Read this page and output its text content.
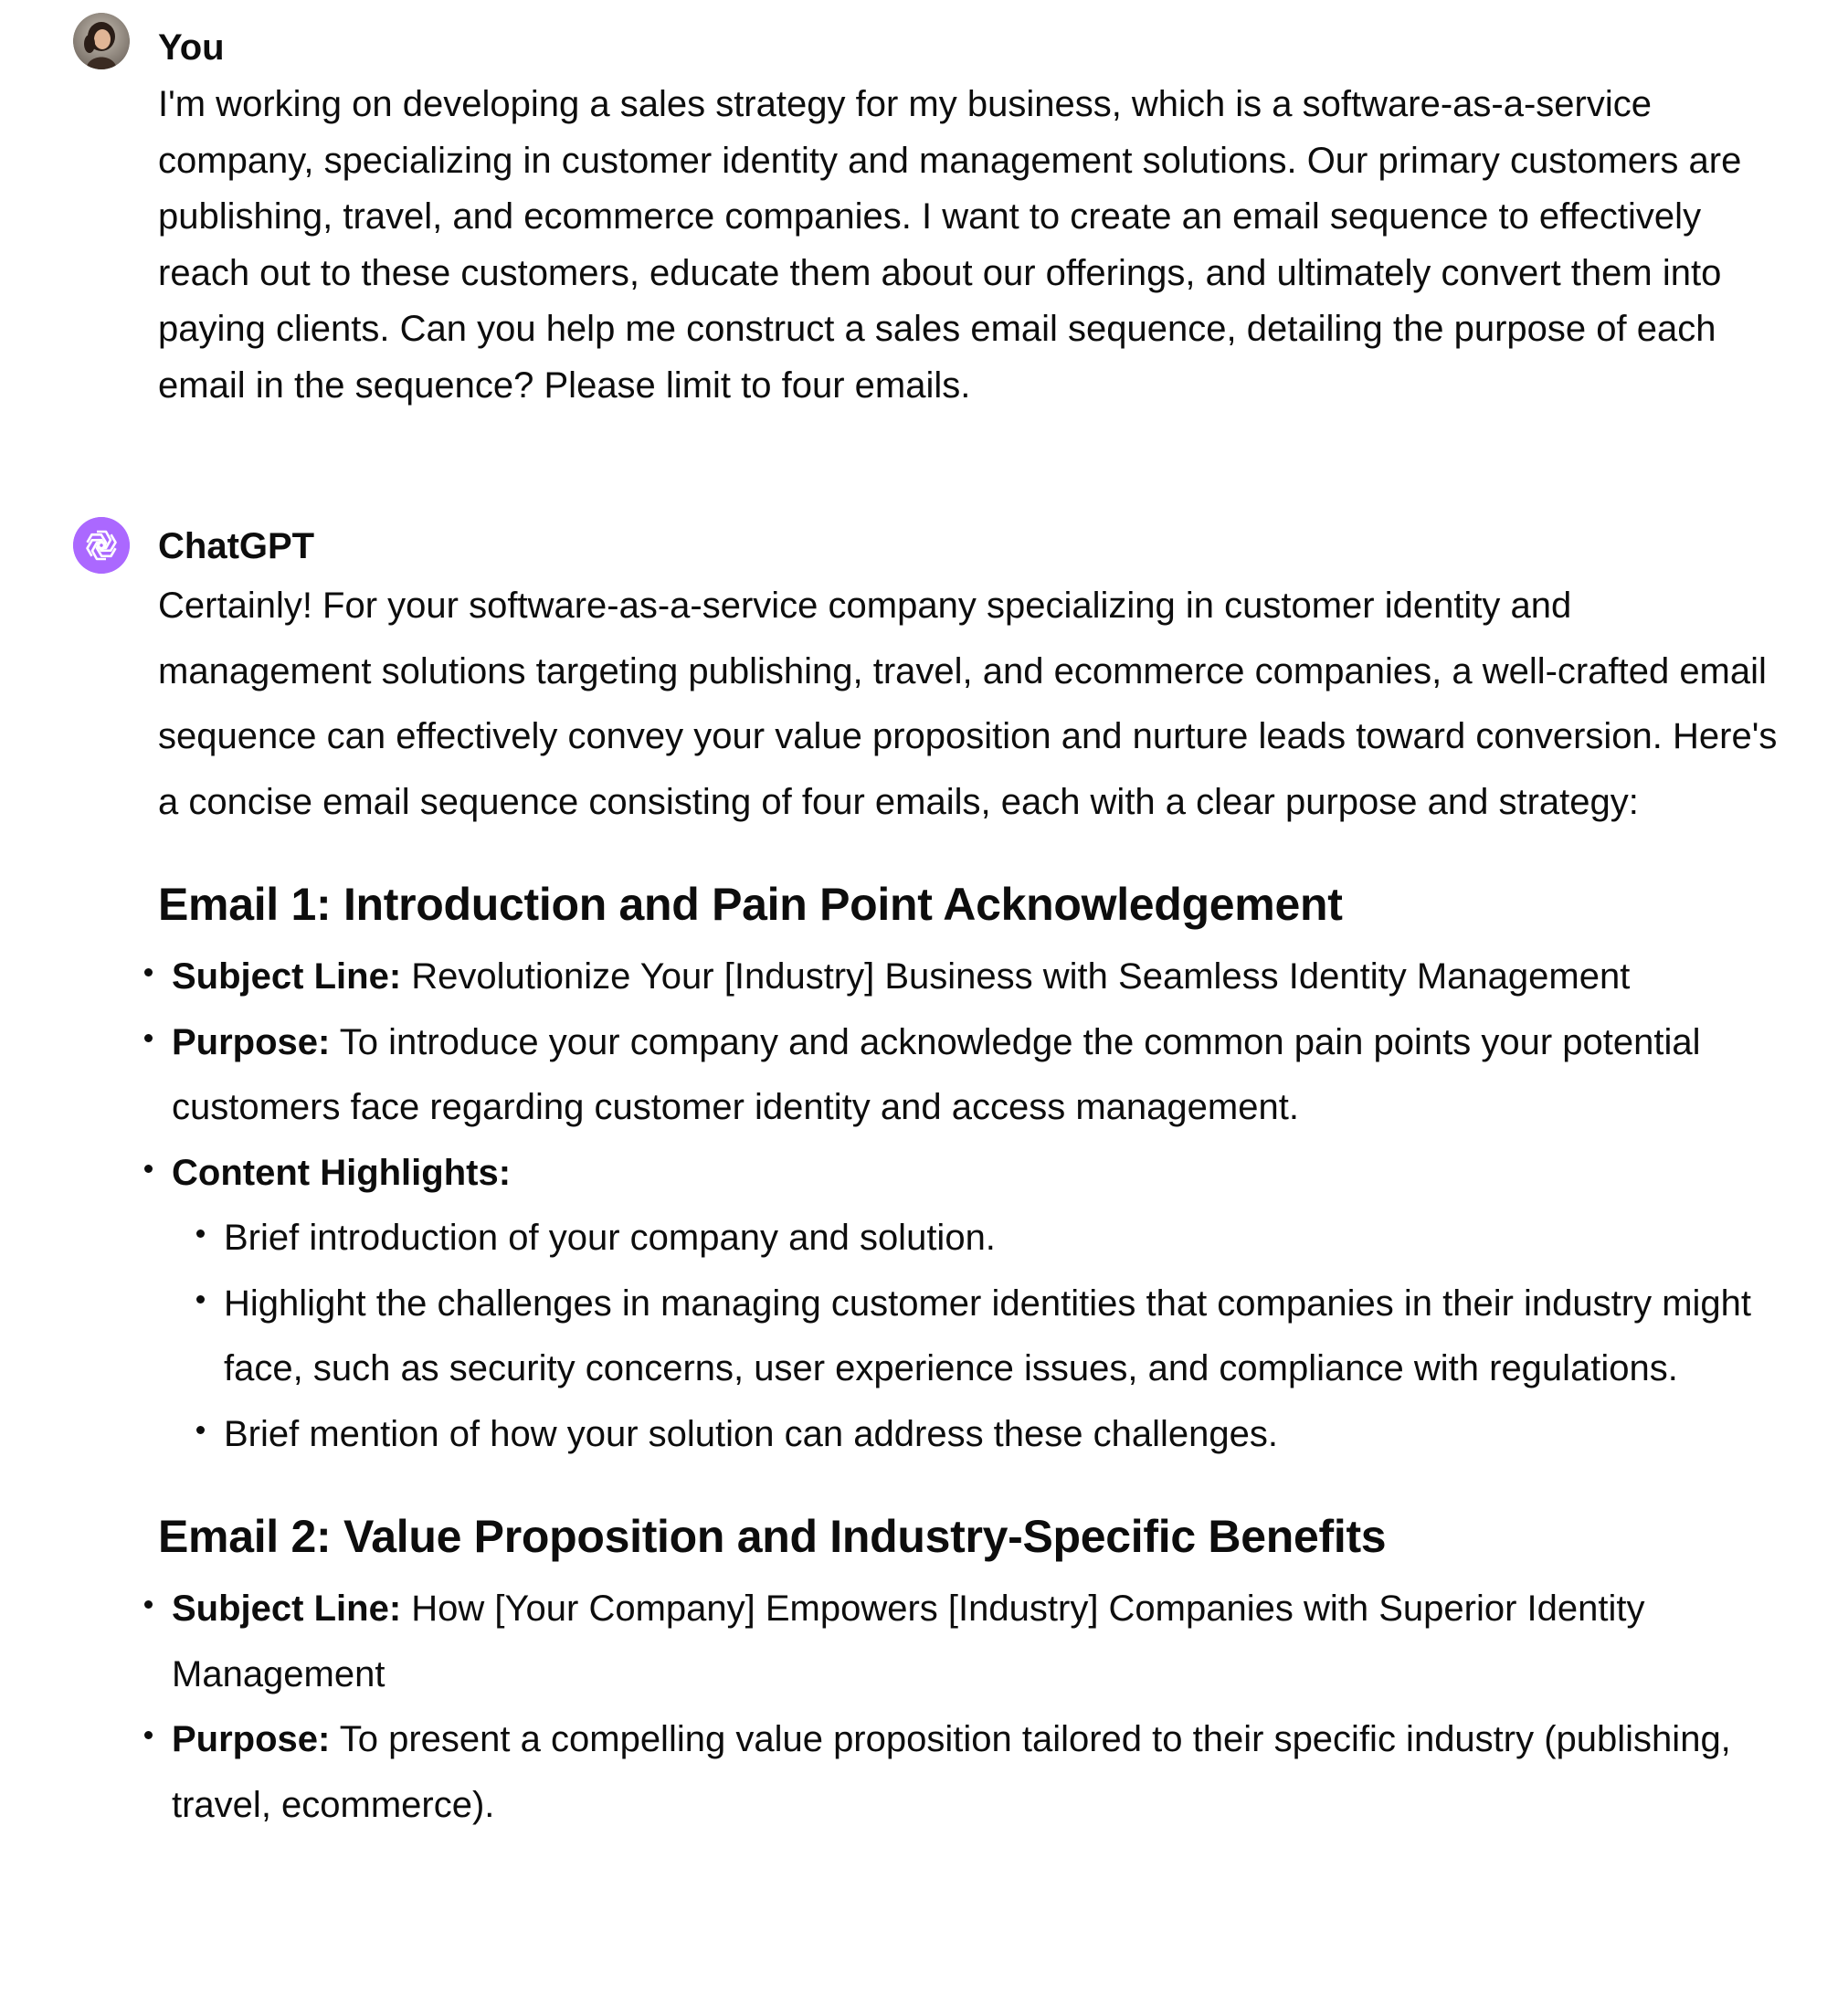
You
I'm working on developing a sales strategy for my business, which is a software-as-a-service company, specializing in customer identity and management solutions. Our primary customers are publishing, travel, and ecommerce companies. I want to create an email sequence to effectively reach out to these customers, educate them about our offerings, and ultimately convert them into paying clients. Can you help me construct a sales email sequence, detailing the purpose of each email in the sequence? Please limit to four emails.
ChatGPT

Certainly! For your software-as-a-service company specializing in customer identity and management solutions targeting publishing, travel, and ecommerce companies, a well-crafted email sequence can effectively convey your value proposition and nurture leads toward conversion. Here's a concise email sequence consisting of four emails, each with a clear purpose and strategy:

Email 1: Introduction and Pain Point Acknowledgement
Subject Line: Revolutionize Your [Industry] Business with Seamless Identity Management
Purpose: To introduce your company and acknowledge the common pain points your potential customers face regarding customer identity and access management.
Content Highlights:
Brief introduction of your company and solution.
Highlight the challenges in managing customer identities that companies in their industry might face, such as security concerns, user experience issues, and compliance with regulations.
Brief mention of how your solution can address these challenges.
Email 2: Value Proposition and Industry-Specific Benefits
Subject Line: How [Your Company] Empowers [Industry] Companies with Superior Identity Management
Purpose: To present a compelling value proposition tailored to their specific industry (publishing, travel, ecommerce).
